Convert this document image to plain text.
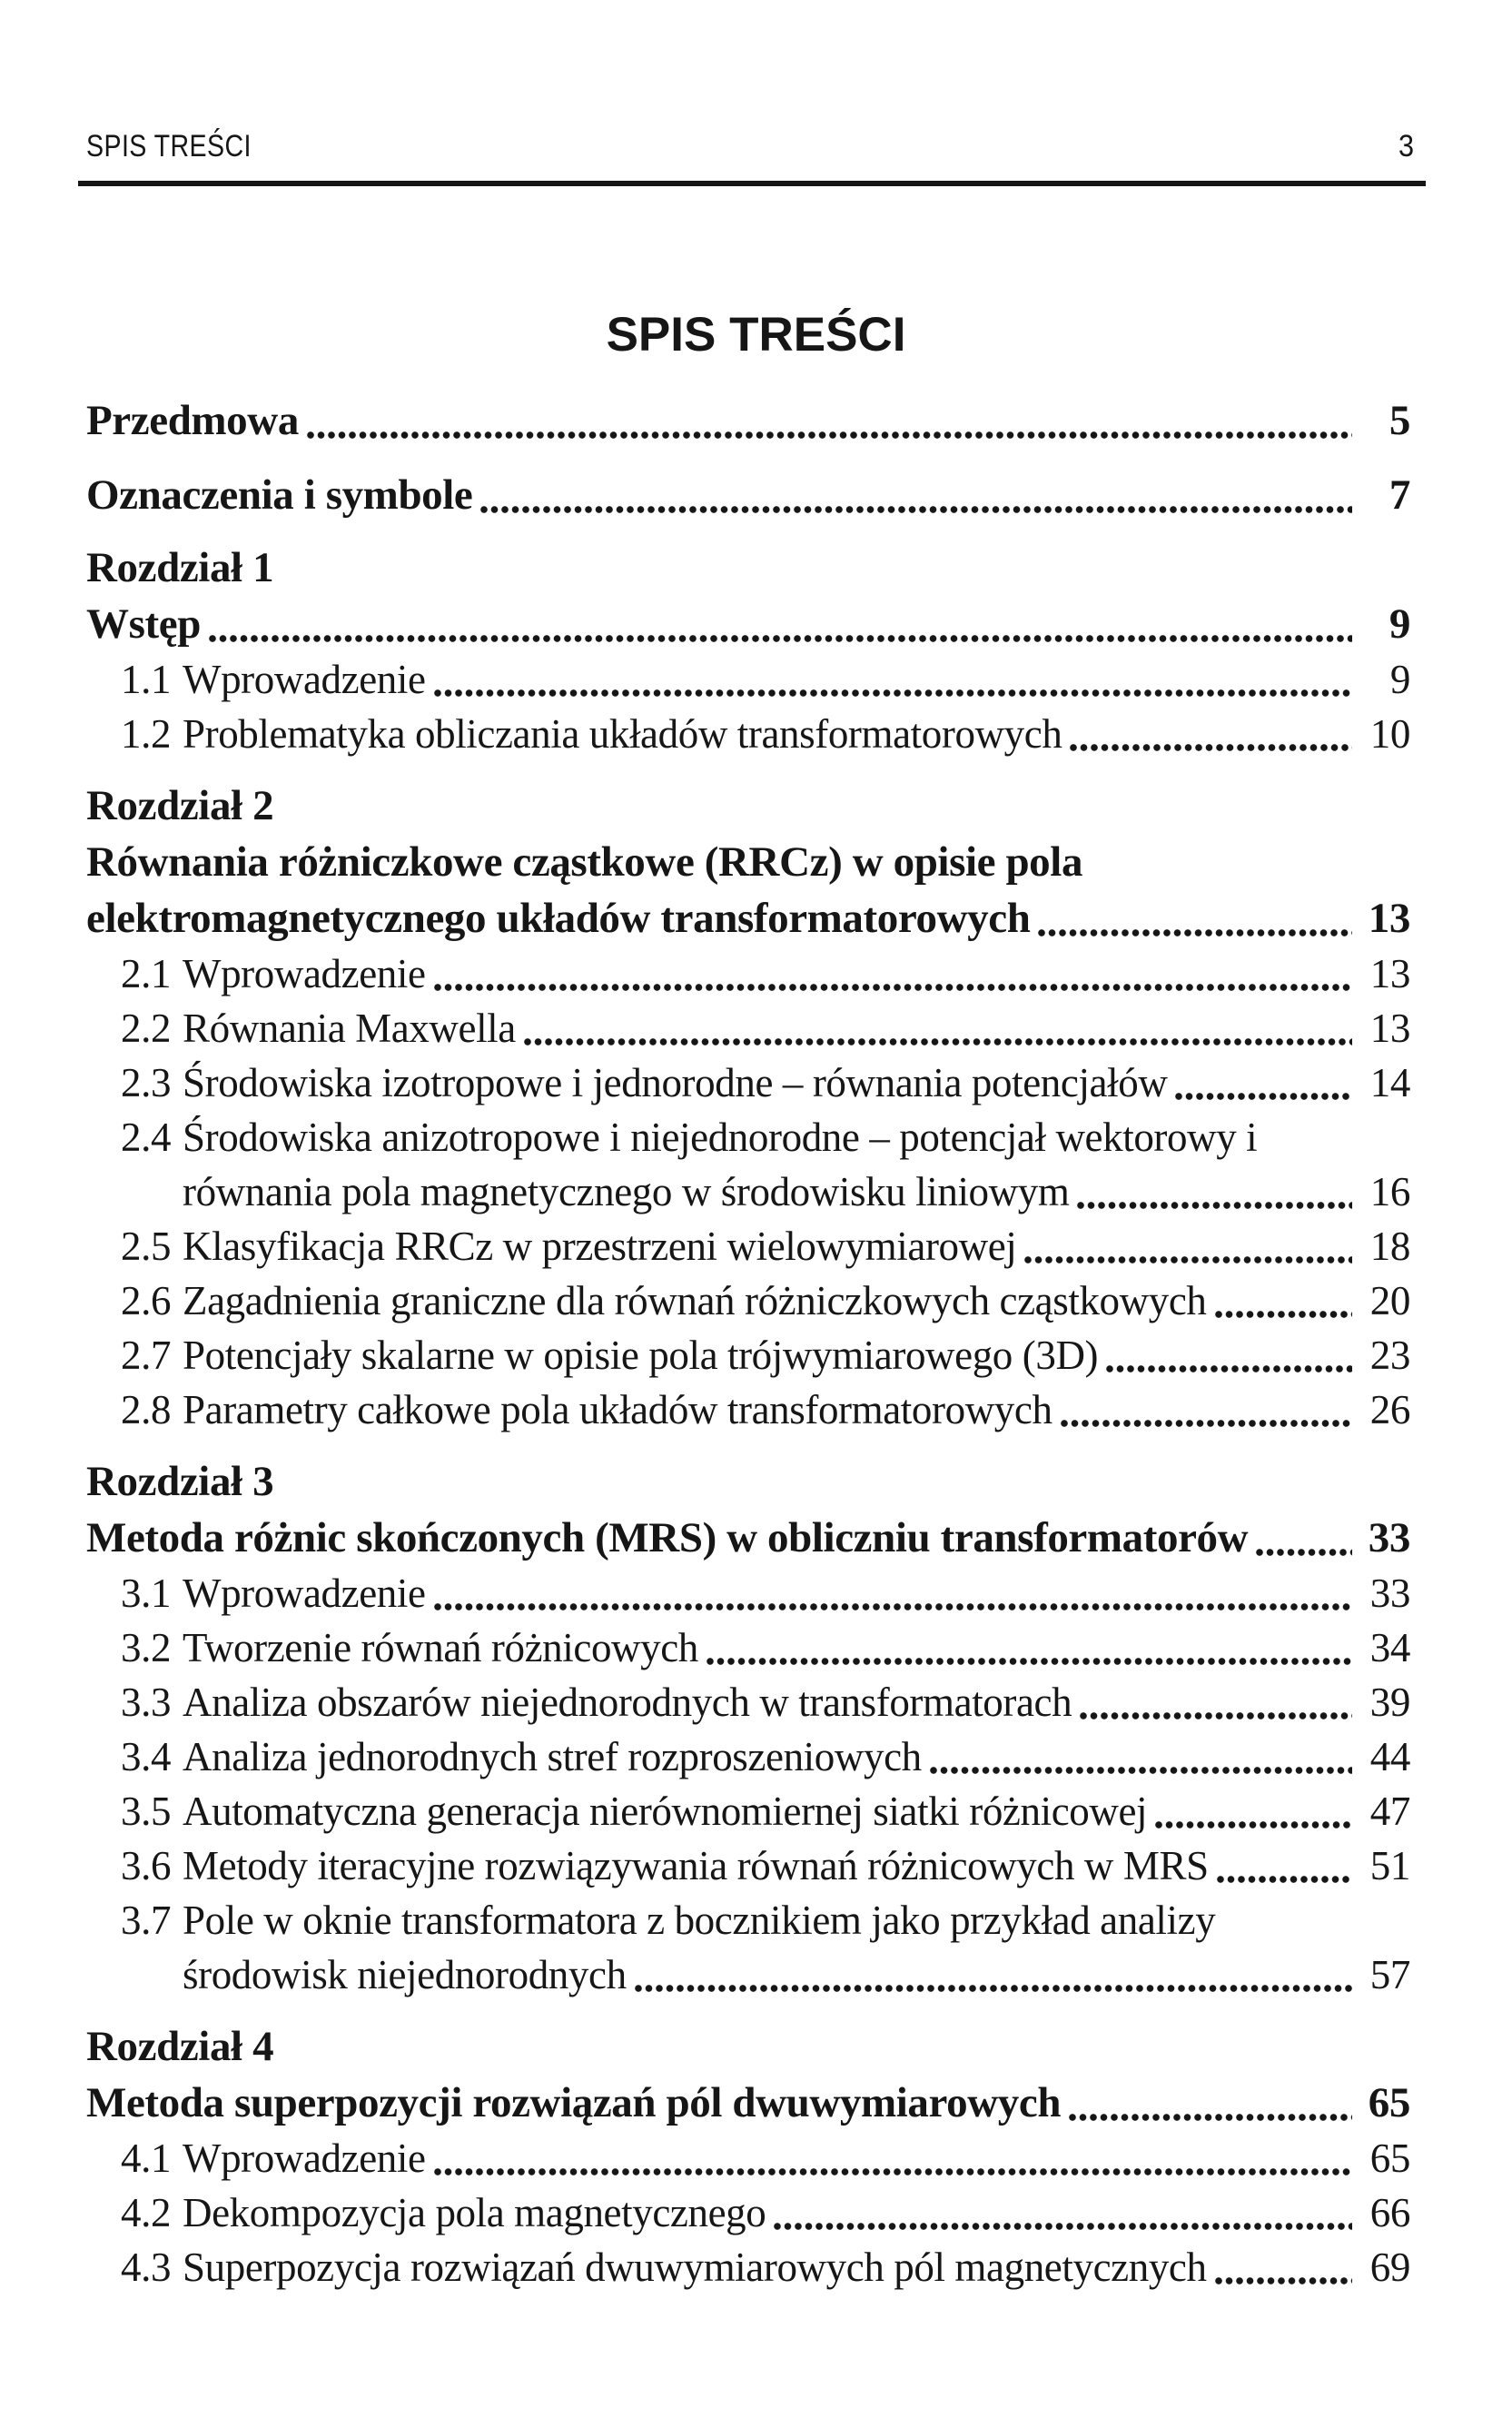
SPIS TREŚCI	3
SPIS TREŚCI
Przedmowa	5
Oznaczenia i symbole	7
Rozdział 1
Wstęp	9
1.1 Wprowadzenie	9
1.2 Problematyka obliczania układów transformatorowych	10
Rozdział 2
Równania różniczkowe cząstkowe (RRCz) w opisie pola
elektromagnetycznego układów transformatorowych	13
2.1 Wprowadzenie	13
2.2 Równania Maxwella	13
2.3 Środowiska izotropowe i jednorodne – równania potencjałów	14
2.4 Środowiska anizotropowe i niejednorodne – potencjał wektorowy i
równania pola magnetycznego w środowisku liniowym	16
2.5 Klasyfikacja RRCz w przestrzeni wielowymiarowej	18
2.6 Zagadnienia graniczne dla równań różniczkowych cząstkowych	20
2.7 Potencjały skalarne w opisie pola trójwymiarowego (3D)	23
2.8 Parametry całkowe pola układów transformatorowych	26
Rozdział 3
Metoda różnic skończonych (MRS) w obliczniu transformatorów	33
3.1 Wprowadzenie	33
3.2 Tworzenie równań różnicowych	34
3.3 Analiza obszarów niejednorodnych w transformatorach	39
3.4 Analiza jednorodnych stref rozproszeniowych	44
3.5 Automatyczna generacja nierównomiernej siatki różnicowej	47
3.6 Metody iteracyjne rozwiązywania równań różnicowych w MRS	51
3.7 Pole w oknie transformatora z bocznikiem jako przykład analizy
środowisk niejednorodnych	57
Rozdział 4
Metoda superpozycji rozwiązań pól dwuwymiarowych	65
4.1 Wprowadzenie	65
4.2 Dekompozycja pola magnetycznego	66
4.3 Superpozycja rozwiązań dwuwymiarowych pól magnetycznych	69
